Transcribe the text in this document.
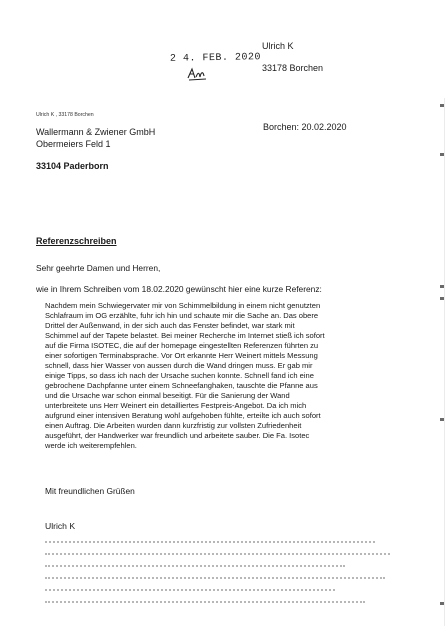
2 4. FEB. 2020
Ulrich K
33178 Borchen
Ulrich K , 33178 Borchen
Wallermann & Zwiener GmbH
Obermeiers Feld 1
33104 Paderborn
Borchen: 20.02.2020
Referenzschreiben
Sehr geehrte Damen und Herren,
wie in Ihrem Schreiben vom 18.02.2020 gewünscht hier eine kurze Referenz:
Nachdem mein Schwiegervater mir von Schimmelbildung in einem nicht genutzten
Schlafraum im OG erzählte, fuhr ich hin und schaute mir die Sache an. Das obere
Drittel der Außenwand, in der sich auch das Fenster befindet, war stark mit
Schimmel auf der Tapete belastet. Bei meiner Recherche im Internet stieß ich sofort
auf die Firma ISOTEC, die auf der homepage eingestellten Referenzen führten zu
einer sofortigen Terminabsprache. Vor Ort erkannte Herr Weinert mittels Messung
schnell, dass hier Wasser von aussen durch die Wand dringen muss. Er gab mir
einige Tipps, so dass ich nach der Ursache suchen konnte. Schnell fand ich eine
gebrochene Dachpfanne unter einem Schneefanghaken, tauschte die Pfanne aus
und die Ursache war schon einmal beseitigt. Für die Sanierung der Wand
unterbreitete uns Herr Weinert ein detailliertes Festpreis-Angebot. Da ich mich
aufgrund einer intensiven Beratung wohl aufgehoben fühlte, erteilte ich auch sofort
einen Auftrag. Die Arbeiten wurden dann kurzfristig zur vollsten Zufriedenheit
ausgeführt, der Handwerker war freundlich und arbeitete sauber. Die Fa. Isotec
werde ich weiterempfehlen.
Mit freundlichen Grüßen
Ulrich K
